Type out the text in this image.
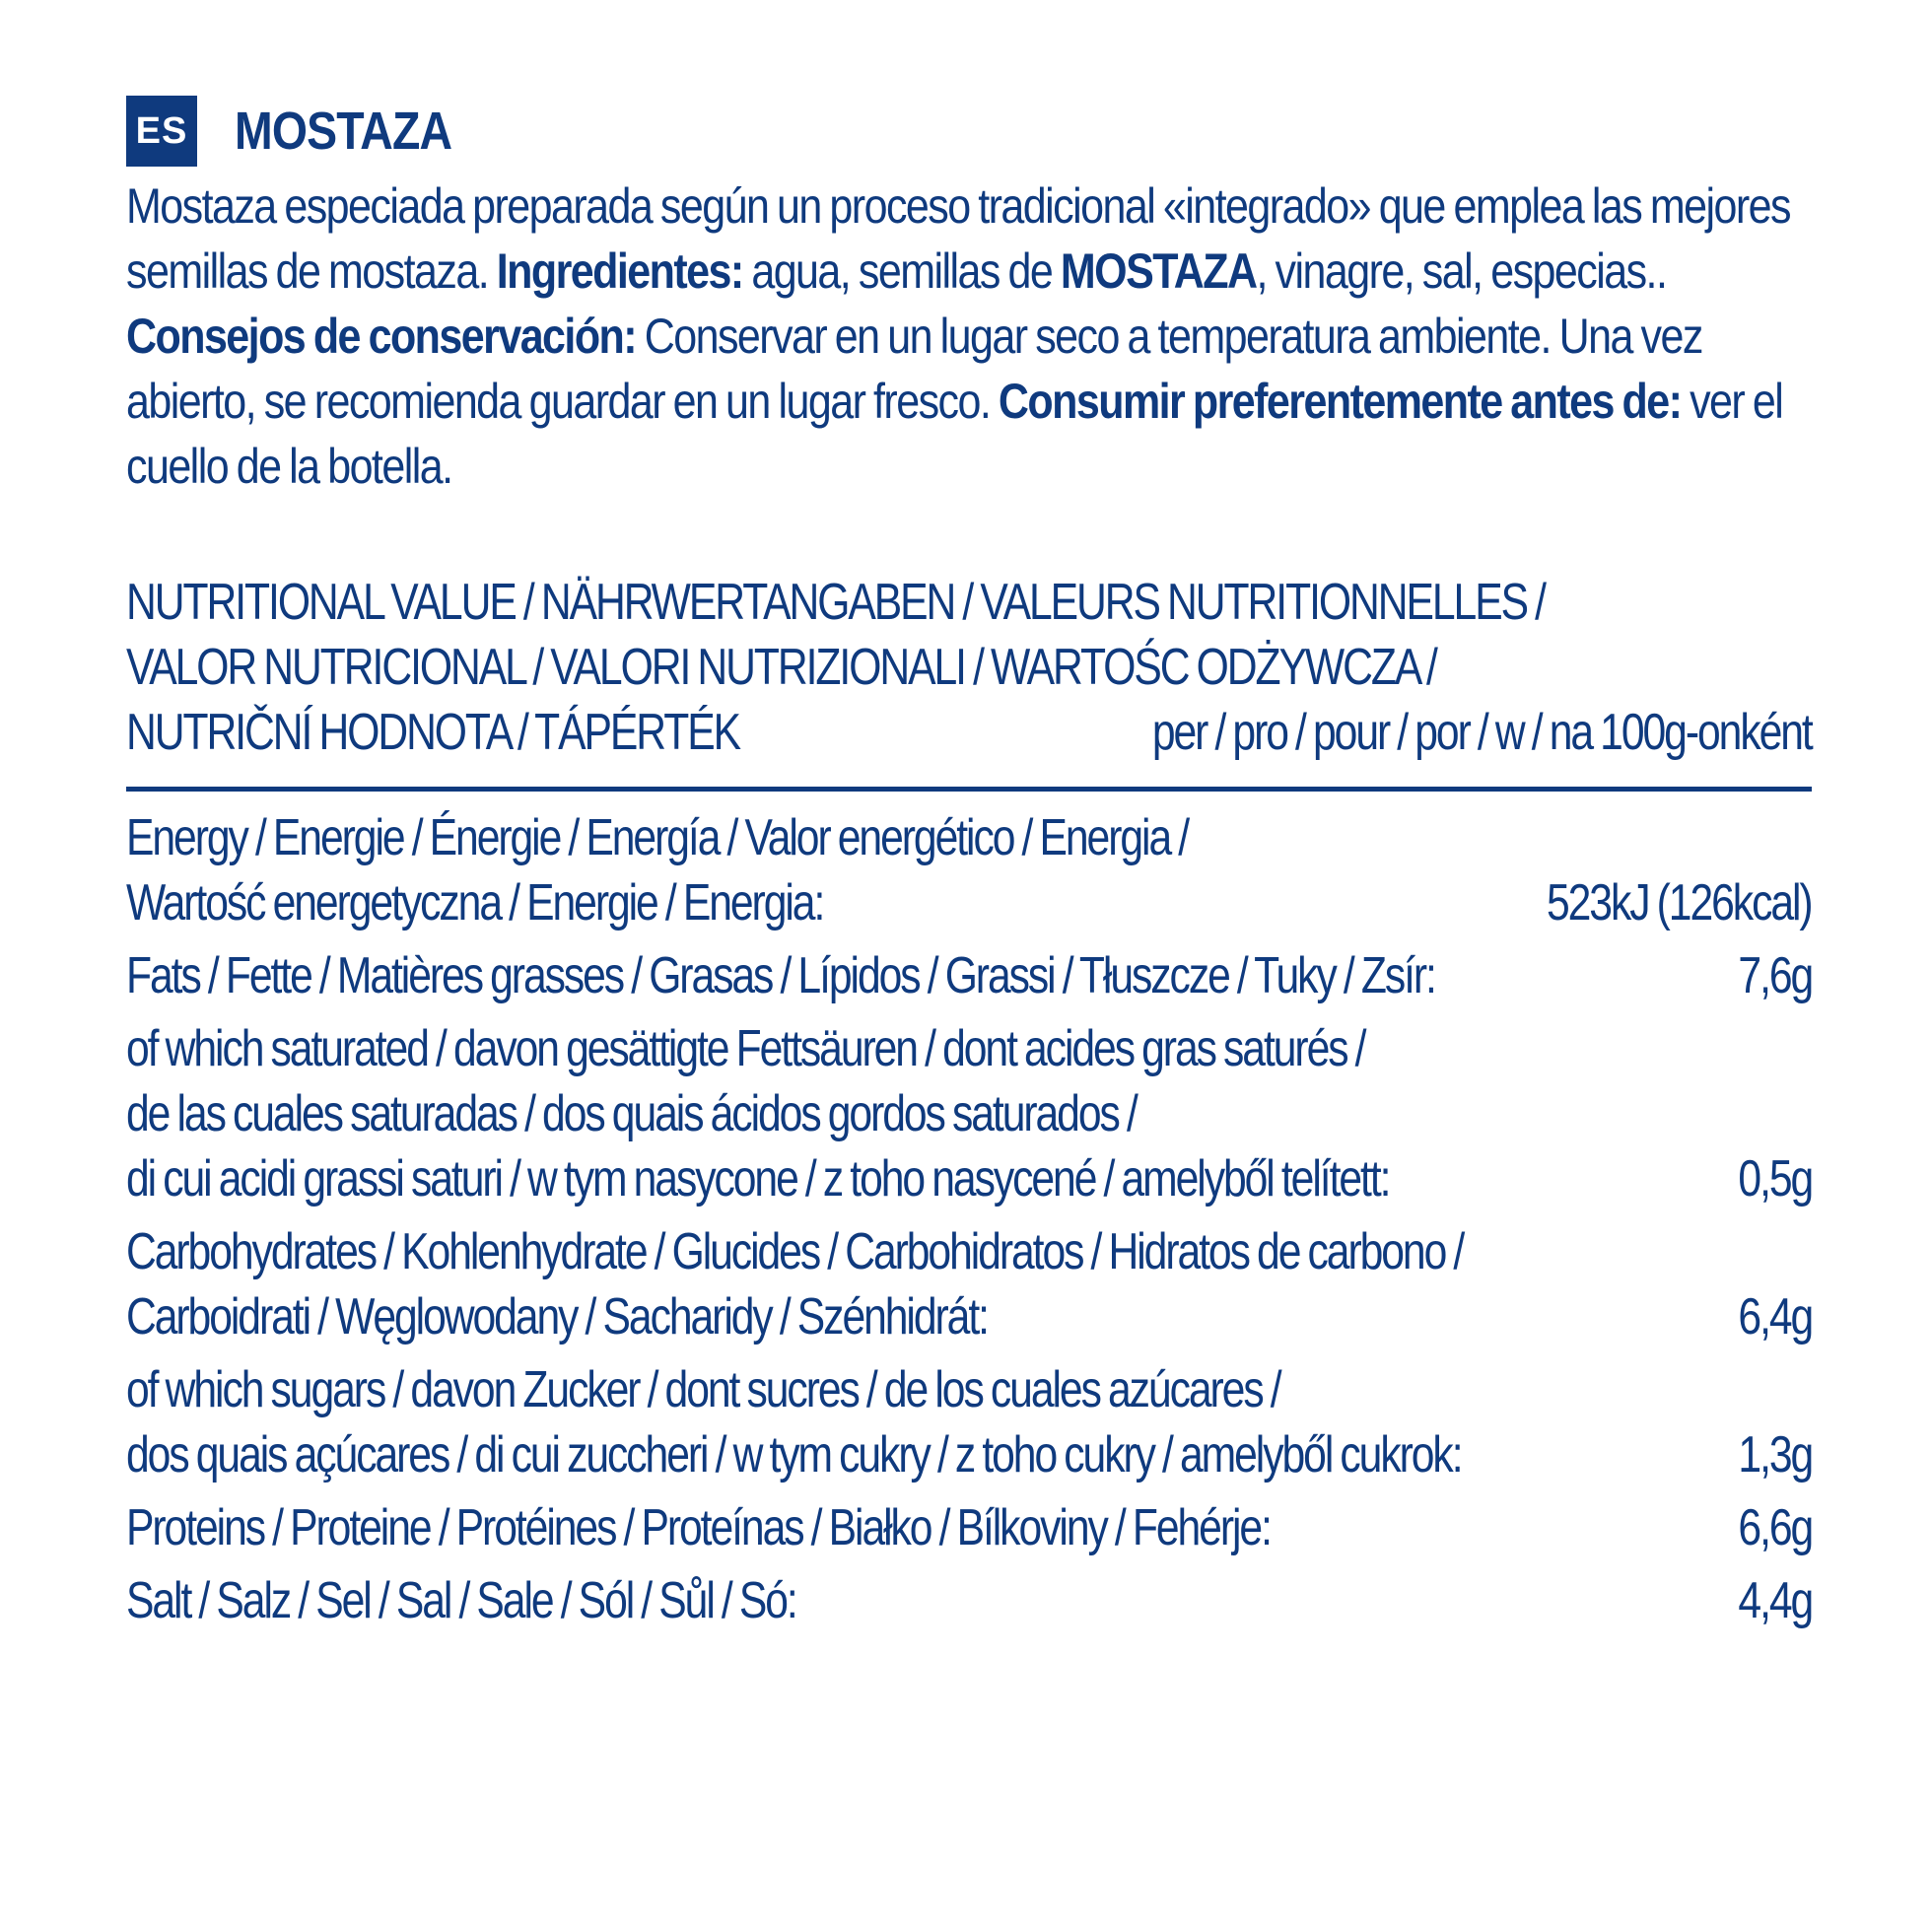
ES MOSTAZA
Mostaza especiada preparada según un proceso tradicional «integrado» que emplea las mejores semillas de mostaza. Ingredientes: agua, semillas de MOSTAZA, vinagre, sal, especias.. Consejos de conservación: Conservar en un lugar seco a temperatura ambiente. Una vez abierto, se recomienda guardar en un lugar fresco. Consumir preferentemente antes de: ver el cuello de la botella.
NUTRITIONAL VALUE / NÄHRWERTANGABEN / VALEURS NUTRITIONNELLES /
VALOR NUTRICIONAL / VALORI NUTRIZIONALI / WARTOŚC ODŻYWCZA /
NUTRIČNÍ HODNOTA / TÁPÉRTÉK	per / pro / pour / por / w / na 100g-onként
Energy / Energie / Énergie / Energía / Valor energético / Energia /
Wartość energetyczna / Energie / Energia:	523kJ (126kcal)
Fats / Fette / Matières grasses / Grasas / Lípidos / Grassi / Tłuszcze / Tuky / Zsír:	7,6g
of which saturated / davon gesättigte Fettsäuren / dont acides gras saturés /
de las cuales saturadas / dos quais ácidos gordos saturados /
di cui acidi grassi saturi / w tym nasycone / z toho nasycené / amelyből telített:	0,5g
Carbohydrates / Kohlenhydrate / Glucides / Carbohidratos / Hidratos de carbono /
Carboidrati / Węglowodany / Sacharidy / Szénhidrát:	6,4g
of which sugars / davon Zucker / dont sucres / de los cuales azúcares /
dos quais açúcares / di cui zuccheri / w tym cukry / z toho cukry / amelyből cukrok:	1,3g
Proteins / Proteine / Protéines / Proteínas / Białko / Bílkoviny / Fehérje:	6,6g
Salt / Salz / Sel / Sal / Sale / Sól / Sůl / Só:	4,4g
